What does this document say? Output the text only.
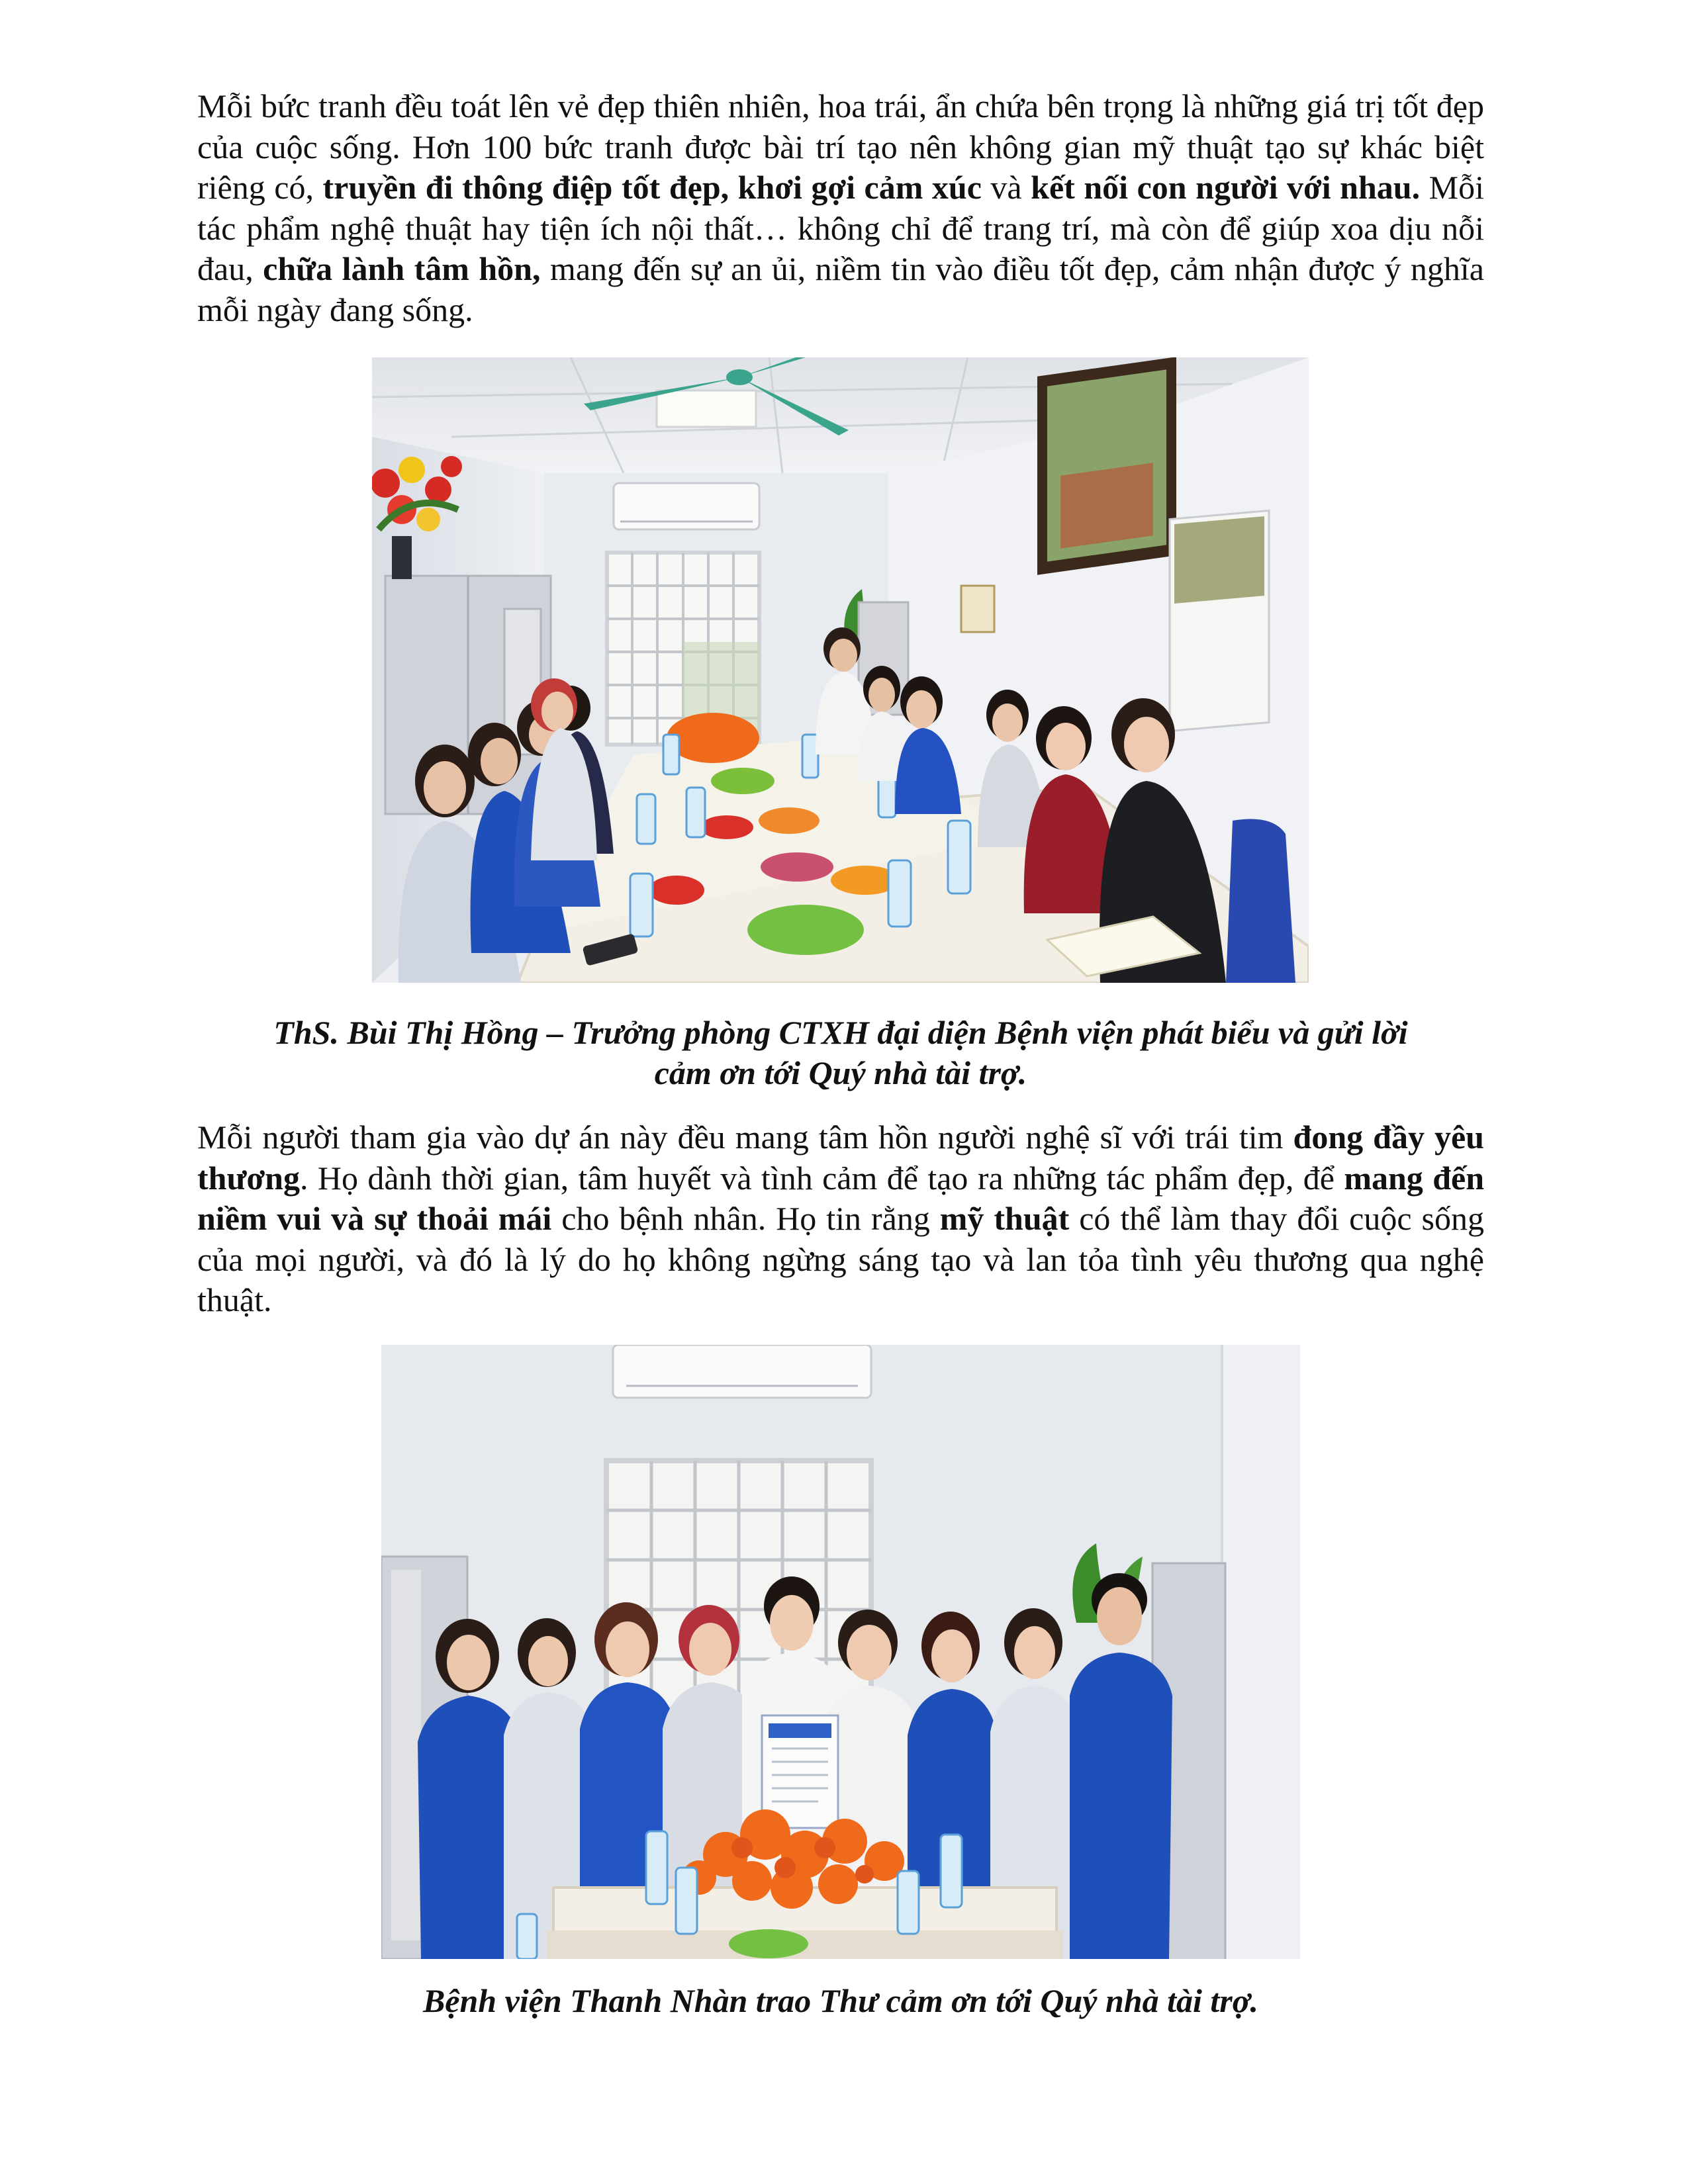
Mỗi bức tranh đều toát lên vẻ đẹp thiên nhiên, hoa trái, ẩn chứa bên trọng là những giá trị tốt đẹp của cuộc sống. Hơn 100 bức tranh được bài trí tạo nên không gian mỹ thuật tạo sự khác biệt riêng có, truyền đi thông điệp tốt đẹp, khơi gợi cảm xúc và kết nối con người với nhau. Mỗi tác phẩm nghệ thuật hay tiện ích nội thất… không chỉ để trang trí, mà còn để giúp xoa dịu nỗi đau, chữa lành tâm hồn, mang đến sự an ủi, niềm tin vào điều tốt đẹp, cảm nhận được ý nghĩa mỗi ngày đang sống.

ThS. Bùi Thị Hồng – Trưởng phòng CTXH đại diện Bệnh viện phát biểu và gửi lời
cảm ơn tới Quý nhà tài trợ.

Mỗi người tham gia vào dự án này đều mang tâm hồn người nghệ sĩ với trái tim đong đầy yêu thương. Họ dành thời gian, tâm huyết và tình cảm để tạo ra những tác phẩm đẹp, để mang đến niềm vui và sự thoải mái cho bệnh nhân. Họ tin rằng mỹ thuật có thể làm thay đổi cuộc sống của mọi người, và đó là lý do họ không ngừng sáng tạo và lan tỏa tình yêu thương qua nghệ thuật.

Bệnh viện Thanh Nhàn trao Thư cảm ơn tới Quý nhà tài trợ.
